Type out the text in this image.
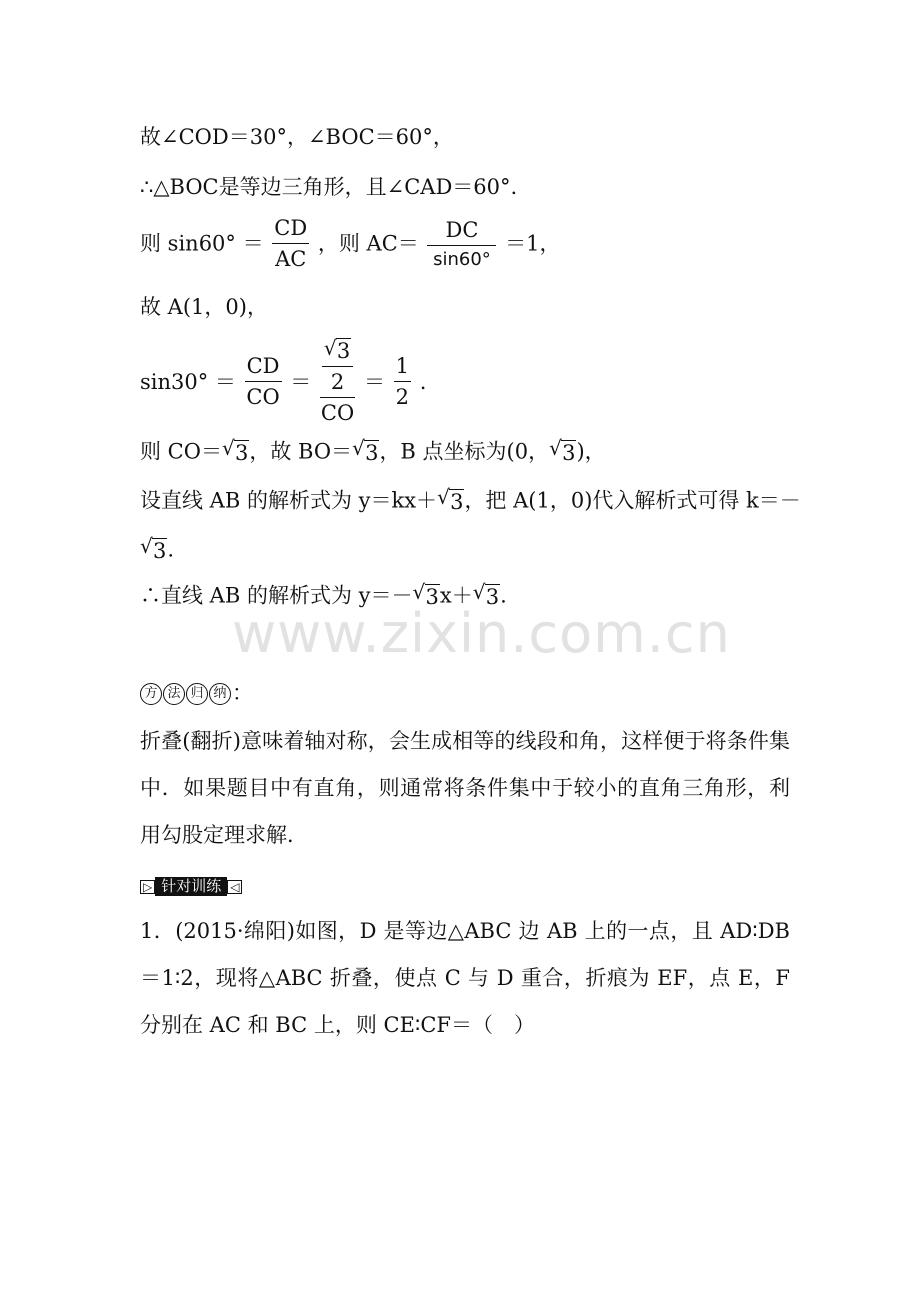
故∠COD＝30°，∠BOC＝60°，
∴△BOC是等边三角形，且∠CAD＝60°.
则 $\sin 60^\circ = \frac{CD}{AC}$ ，则 $AC= \frac{DC}{\sin 60^\circ} =1$，
故 A(1，0)，
$\sin 30^\circ = \frac{CD}{CO}$ ＝ √ $\frac{\frac{3}{2}}{CO} = \frac{1}{2}$ .
则 CO＝ √ 3，故 BO＝ √ 3，B 点坐标为(0， √ 3)，
设直线 AB 的解析式为 y＝kx＋ √ 3，把 A(1，0)代入解析式可得 k＝－
√ 3.
∴直线 AB 的解析式为 y＝－ √ 3x＋ √ 3.
www.zixin.com.cn
方 法 归 纳 ：
折叠(翻折)意味着轴对称，会生成相等的线段和角，这样便于将条件集中．如果题目中有直角，则通常将条件集中于较小的直角三角形，利用勾股定理求解．
▷ 针对训练 ◁
1．(2015·绵阳)如图，D 是等边△ABC 边 AB 上的一点，且 AD∶DB＝1∶2，现将△ABC 折叠，使点 C 与 D 重合，折痕为 EF，点 E，F 分别在 AC 和 BC 上，则 CE∶CF＝（　）
